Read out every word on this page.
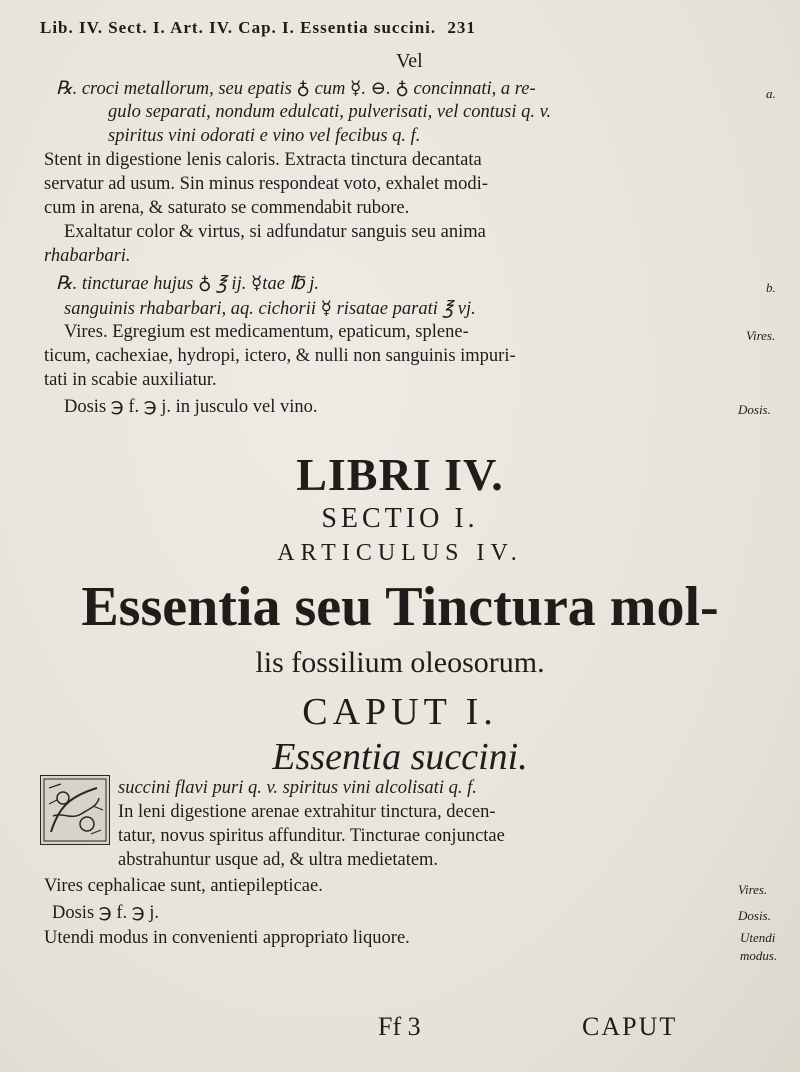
Lib. IV. Sect. I. Art. IV. Cap. I. Essentia succini. 231
Vel
℞. croci metallorum, seu epatis ♁ cum ☿. ⊖. ♁ concinnati, a re-
gulo separati, nondum edulcati, pulverisati, vel contusi q. v.
spiritus vini odorati e vino vel fecibus q. f.
a.
Stent in digestione lenis caloris. Extracta tinctura decantata
servatur ad usum. Sin minus respondeat voto, exhalet modi-
cum in arena, & saturato se commendabit rubore.
Exaltatur color & virtus, si adfundatur sanguis seu anima
rhabarbari.
℞. tincturae hujus ♁ ℥ ij. ☿tae ℔ j.
sanguinis rhabarbari, aq. cichorii ☿ risatae parati ℥ vj.
b.
Vires. Egregium est medicamentum, epaticum, splene-
ticum, cachexiae, hydropi, ictero, & nulli non sanguinis impuri-
tati in scabie auxiliatur.
Vires.
Dosis ℈ f. ℈ j. in jusculo vel vino.	Dosis.
LIBRI IV.
SECTIO I.
ARTICULUS IV.
Essentia seu Tinctura mol-
lis fossilium oleosorum.
CAPUT I.
Essentia succini.
succini flavi puri q. v. spiritus vini alcolisati q. f.
In leni digestione arenae extrahitur tinctura, decen-
tatur, novus spiritus affunditur. Tincturae conjunctae
abstrahuntur usque ad, & ultra medietatem.
Vires cephalicae sunt, antiepilepticae.	Vires.
Dosis ℈ f. ℈ j.	Dosis.
Utendi modus in convenienti appropriato liquore.	Utendi
modus.
Ff 3	CAPUT
